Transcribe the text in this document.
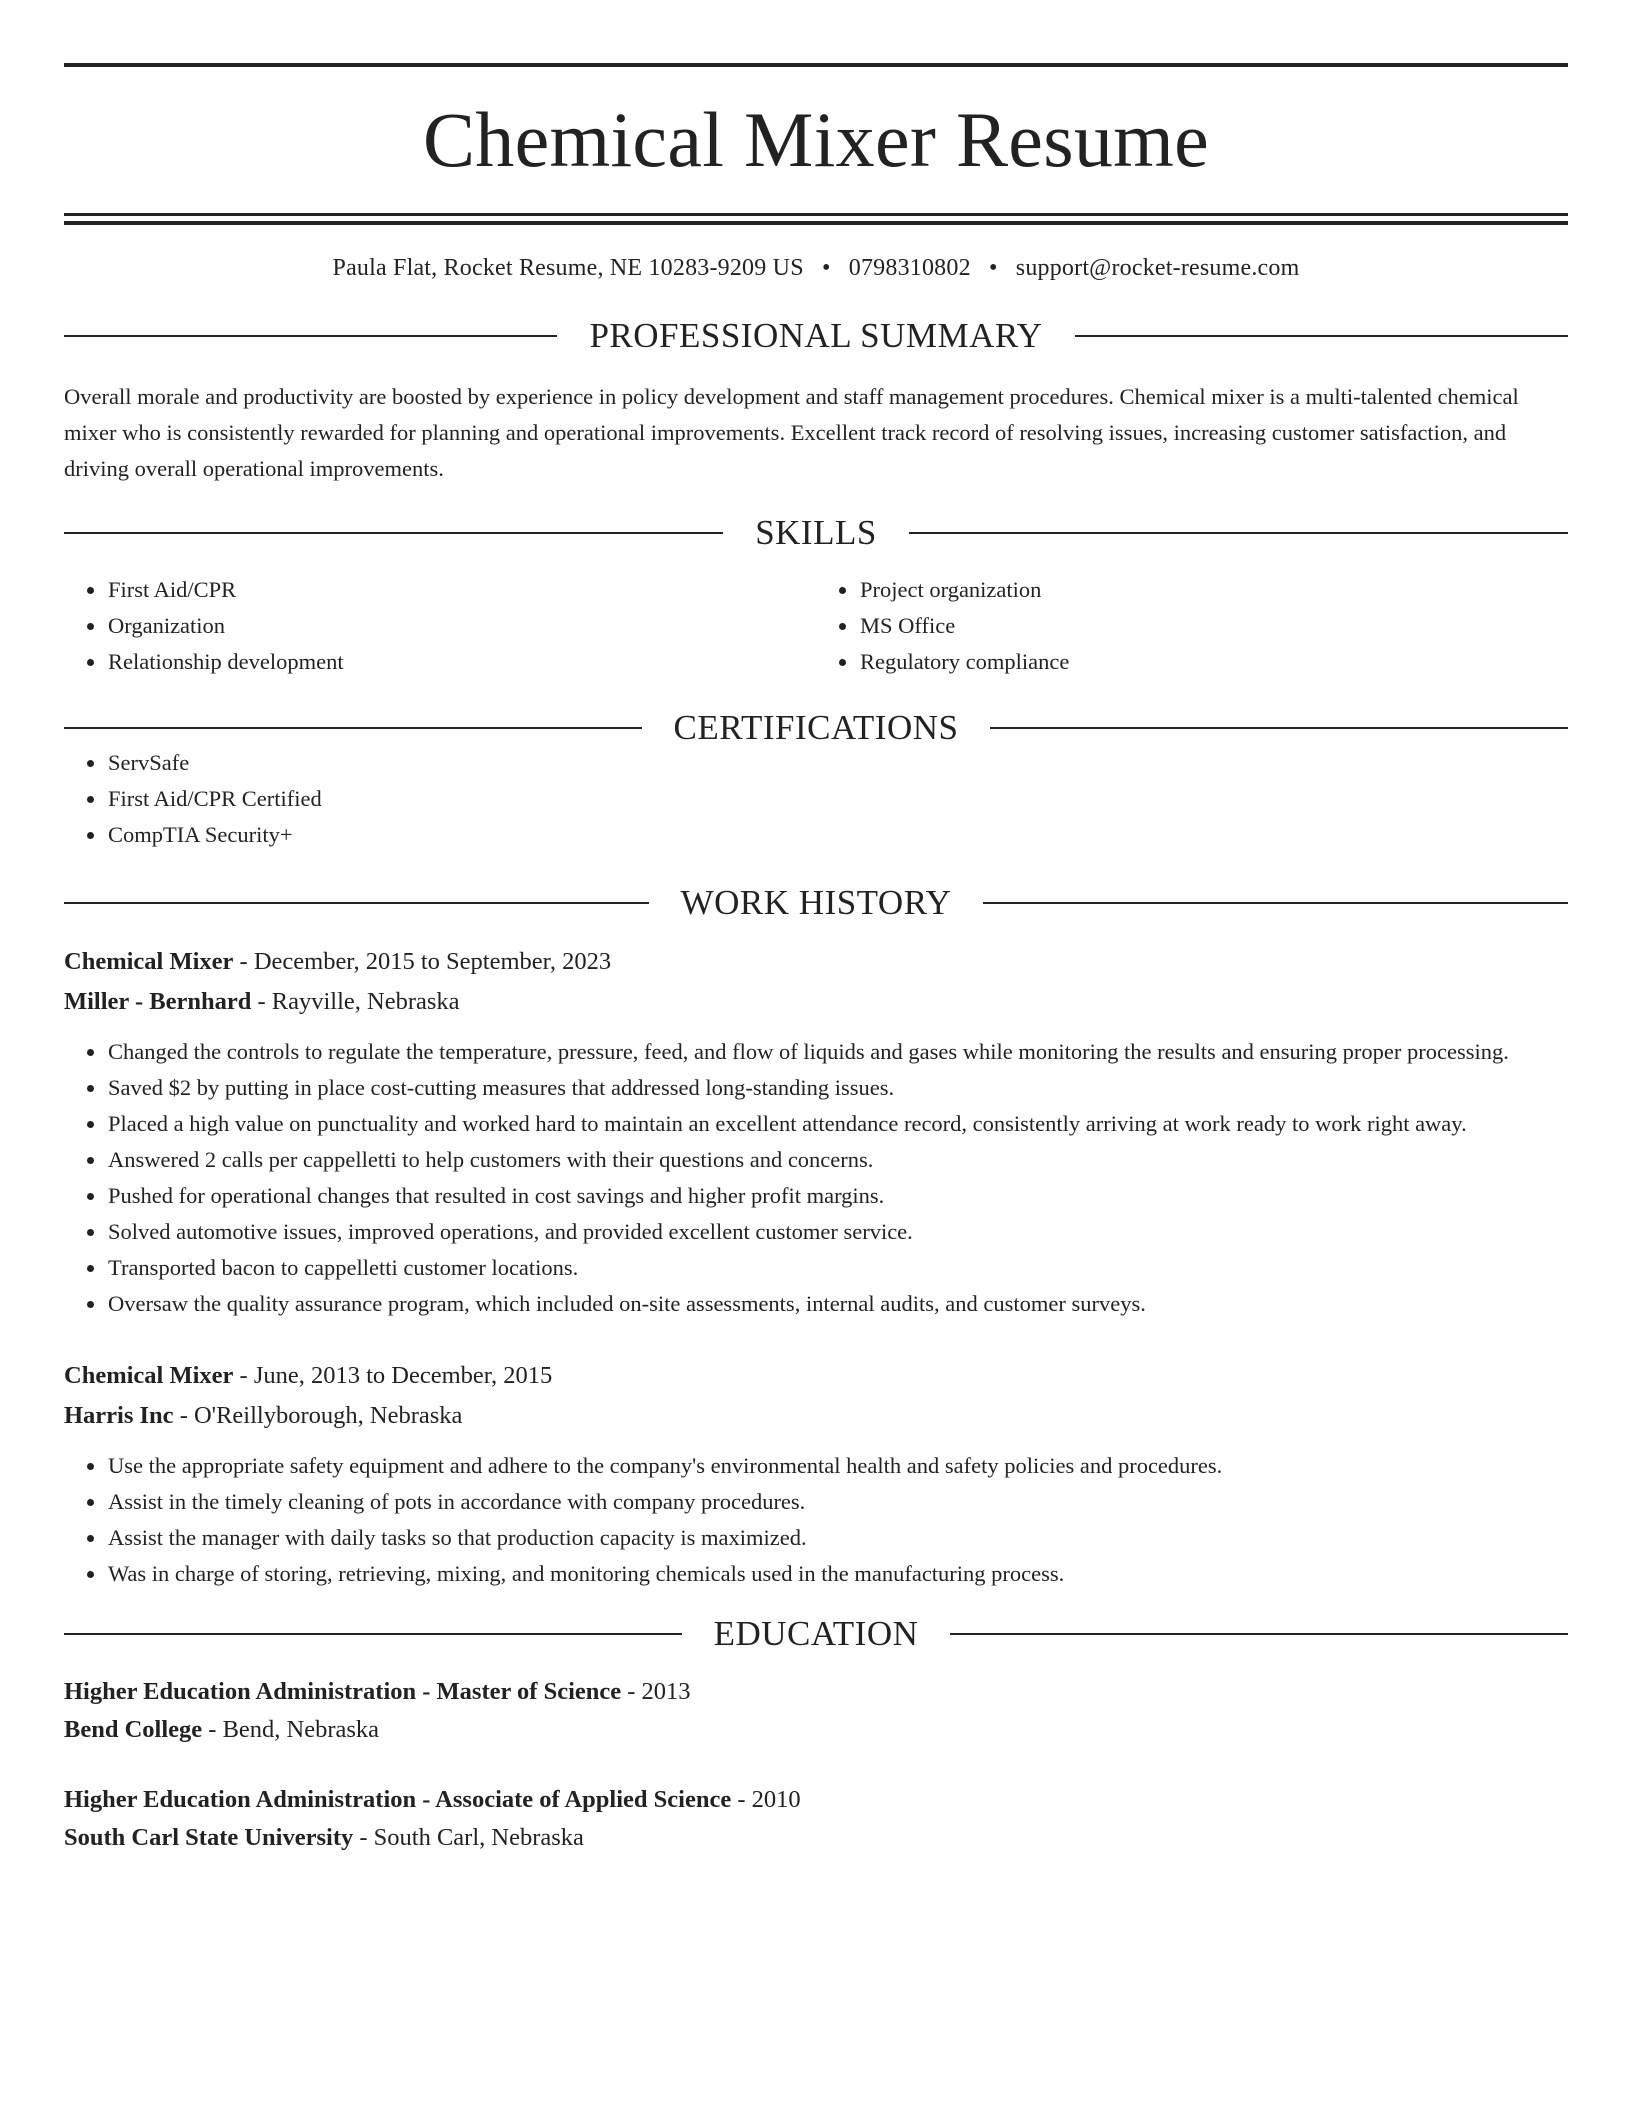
Chemical Mixer Resume
Paula Flat, Rocket Resume, NE 10283-9209 US • 0798310802 • support@rocket-resume.com
PROFESSIONAL SUMMARY
Overall morale and productivity are boosted by experience in policy development and staff management procedures. Chemical mixer is a multi-talented chemical mixer who is consistently rewarded for planning and operational improvements. Excellent track record of resolving issues, increasing customer satisfaction, and driving overall operational improvements.
SKILLS
• First Aid/CPR
• Organization
• Relationship development
• Project organization
• MS Office
• Regulatory compliance
CERTIFICATIONS
• ServSafe
• First Aid/CPR Certified
• CompTIA Security+
WORK HISTORY
Chemical Mixer - December, 2015 to September, 2023
Miller - Bernhard - Rayville, Nebraska
• Changed the controls to regulate the temperature, pressure, feed, and flow of liquids and gases while monitoring the results and ensuring proper processing.
• Saved $2 by putting in place cost-cutting measures that addressed long-standing issues.
• Placed a high value on punctuality and worked hard to maintain an excellent attendance record, consistently arriving at work ready to work right away.
• Answered 2 calls per cappelletti to help customers with their questions and concerns.
• Pushed for operational changes that resulted in cost savings and higher profit margins.
• Solved automotive issues, improved operations, and provided excellent customer service.
• Transported bacon to cappelletti customer locations.
• Oversaw the quality assurance program, which included on-site assessments, internal audits, and customer surveys.
Chemical Mixer - June, 2013 to December, 2015
Harris Inc - O'Reillyborough, Nebraska
• Use the appropriate safety equipment and adhere to the company's environmental health and safety policies and procedures.
• Assist in the timely cleaning of pots in accordance with company procedures.
• Assist the manager with daily tasks so that production capacity is maximized.
• Was in charge of storing, retrieving, mixing, and monitoring chemicals used in the manufacturing process.
EDUCATION
Higher Education Administration - Master of Science - 2013
Bend College - Bend, Nebraska
Higher Education Administration - Associate of Applied Science - 2010
South Carl State University - South Carl, Nebraska
